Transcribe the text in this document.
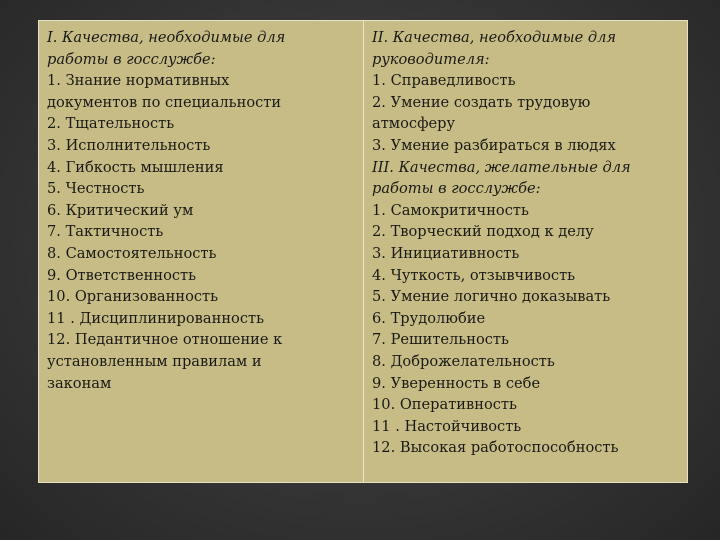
I. Качества, необходимые для
работы в госслужбе:
1. Знание нормативных
документов по специальности
2. Тщательность
3. Исполнительность
4. Гибкость мышления
5. Честность
6. Критический ум
7. Тактичность
8. Самостоятельность
9. Ответственность
10. Организованность
11 . Дисциплинированность
12. Педантичное отношение к
установленным правилам и
законам
II. Качества, необходимые для
руководителя:
1. Справедливость
2. Умение создать трудовую
атмосферу
3. Умение разбираться в людях
III. Качества, желательные для
работы в госслужбе:
1. Самокритичность
2. Творческий подход к делу
3. Инициативность
4. Чуткость, отзывчивость
5. Умение логично доказывать
6. Трудолюбие
7. Решительность
8. Доброжелательность
9. Уверенность в себе
10. Оперативность
11 . Настойчивость
12. Высокая работоспособность
